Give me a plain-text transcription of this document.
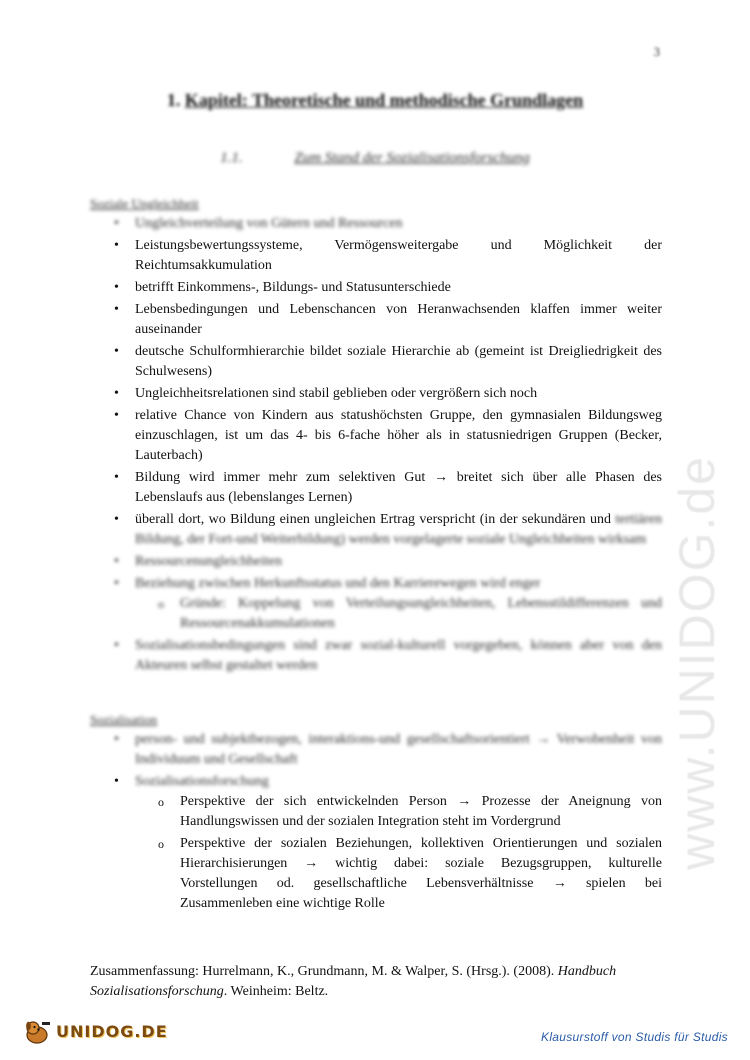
3
1. Kapitel: Theoretische und methodische Grundlagen
1.1.	Zum Stand der Sozialisationsforschung
www.UNIDOG.de
Soziale Ungleichheit
• Ungleichverteilung von Gütern und Ressourcen
• Leistungsbewertungssysteme, Vermögensweitergabe und Möglichkeit der Reichtumsakkumulation
• betrifft Einkommens-, Bildungs- und Statusunterschiede
• Lebensbedingungen und Lebenschancen von Heranwachsenden klaffen immer weiter auseinander
• deutsche Schulformhierarchie bildet soziale Hierarchie ab (gemeint ist Dreigliedrigkeit des Schulwesens)
• Ungleichheitsrelationen sind stabil geblieben oder vergrößern sich noch
• relative Chance von Kindern aus statushöchsten Gruppe, den gymnasialen Bildungsweg einzuschlagen, ist um das 4- bis 6-fache höher als in statusniedrigen Gruppen (Becker, Lauterbach)
• Bildung wird immer mehr zum selektiven Gut → breitet sich über alle Phasen des Lebenslaufs aus (lebenslanges Lernen)
• überall dort, wo Bildung einen ungleichen Ertrag verspricht (in der sekundären und tertiären Bildung, der Fort-und Weiterbildung) werden vorgelagerte soziale Ungleichheiten wirksam
• Ressourcenungleichheiten
• Beziehung zwischen Herkunftsstatus und den Karrierewegen wird enger
o Gründe: Koppelung von Verteilungsungleichheiten, Lebensstildifferenzen und Ressourcenakkumulationen
• Sozialisationsbedingungen sind zwar sozial-kulturell vorgegeben, können aber von den Akteuren selbst gestaltet werden
Sozialisation
• person- und subjektbezogen, interaktions-und gesellschaftsorientiert → Verwobenheit von Individuum und Gesellschaft
• Sozialisationsforschung
o Perspektive der sich entwickelnden Person → Prozesse der Aneignung von Handlungswissen und der sozialen Integration steht im Vordergrund
o Perspektive der sozialen Beziehungen, kollektiven Orientierungen und sozialen Hierarchisierungen → wichtig dabei: soziale Bezugsgruppen, kulturelle Vorstellungen od. gesellschaftliche Lebensverhältnisse → spielen bei Zusammenleben eine wichtige Rolle
Zusammenfassung: Hurrelmann, K., Grundmann, M. & Walper, S. (Hrsg.). (2008). Handbuch Sozialisationsforschung. Weinheim: Beltz.
UNIDOG.DE	Klausurstoff von Studis für Studis
